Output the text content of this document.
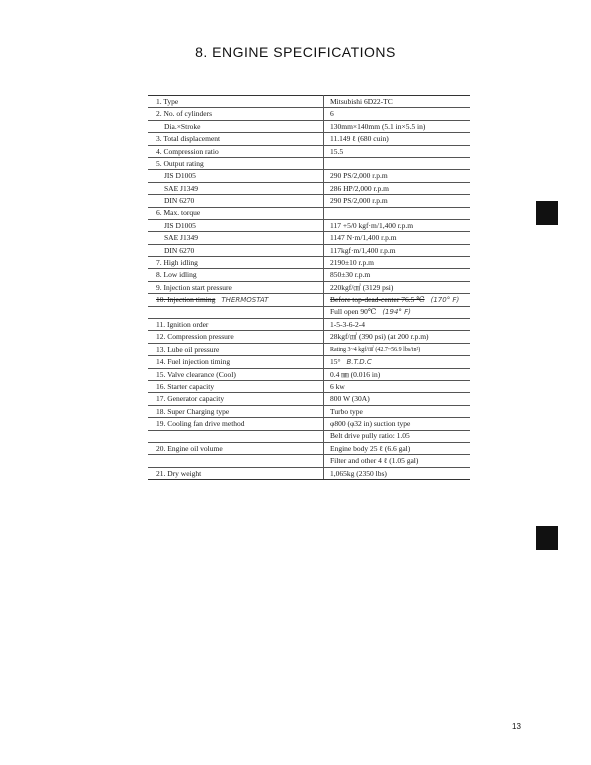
8. ENGINE SPECIFICATIONS
1. Type	Mitsubishi 6D22-TC
2. No. of cylinders	6
Dia.×Stroke	130mm×140mm (5.1 in×5.5 in)
3. Total displacement	11.149 ℓ (680 cuin)
4. Compression ratio	15.5
5. Output rating	
JIS D1005	290 PS/2,000 r.p.m
SAE J1349	286 HP/2,000 r.p.m
DIN 6270	290 PS/2,000 r.p.m
6. Max. torque	
JIS D1005	117 +5/0 kgf·m/1,400 r.p.m
SAE J1349	1147 N·m/1,400 r.p.m
DIN 6270	117kgf·m/1,400 r.p.m
7. High idling	2190±10 r.p.m
8. Low idling	850±30 r.p.m
9. Injection start pressure	220kgf/㎠ (3129 psi)
10. Injection timing THERMOSTAT	Before top-dead-center 76.5 ℃ (170° F)
	Full open 90℃ (194° F)
11. Ignition order	1-5-3-6-2-4
12. Compression pressure	28kgf/㎠ (390 psi) (at 200 r.p.m)
13. Lube oil pressure	Rating 3~4 kgf/㎠ (42.7~56.9 lbs/in²)
14. Fuel injection timing	15° B.T.D.C
15. Valve clearance (Cool)	0.4 ㎜ (0.016 in)
16. Starter capacity	6 kw
17. Generator capacity	800 W (30A)
18. Super Charging type	Turbo type
19. Cooling fan drive method	φ800 (φ32 in) suction type
	Belt drive pully ratio: 1.05
20. Engine oil volume	Engine body 25 ℓ (6.6 gal)
	Filter and other 4 ℓ (1.05 gal)
21. Dry weight	1,065kg (2350 lbs)
13
